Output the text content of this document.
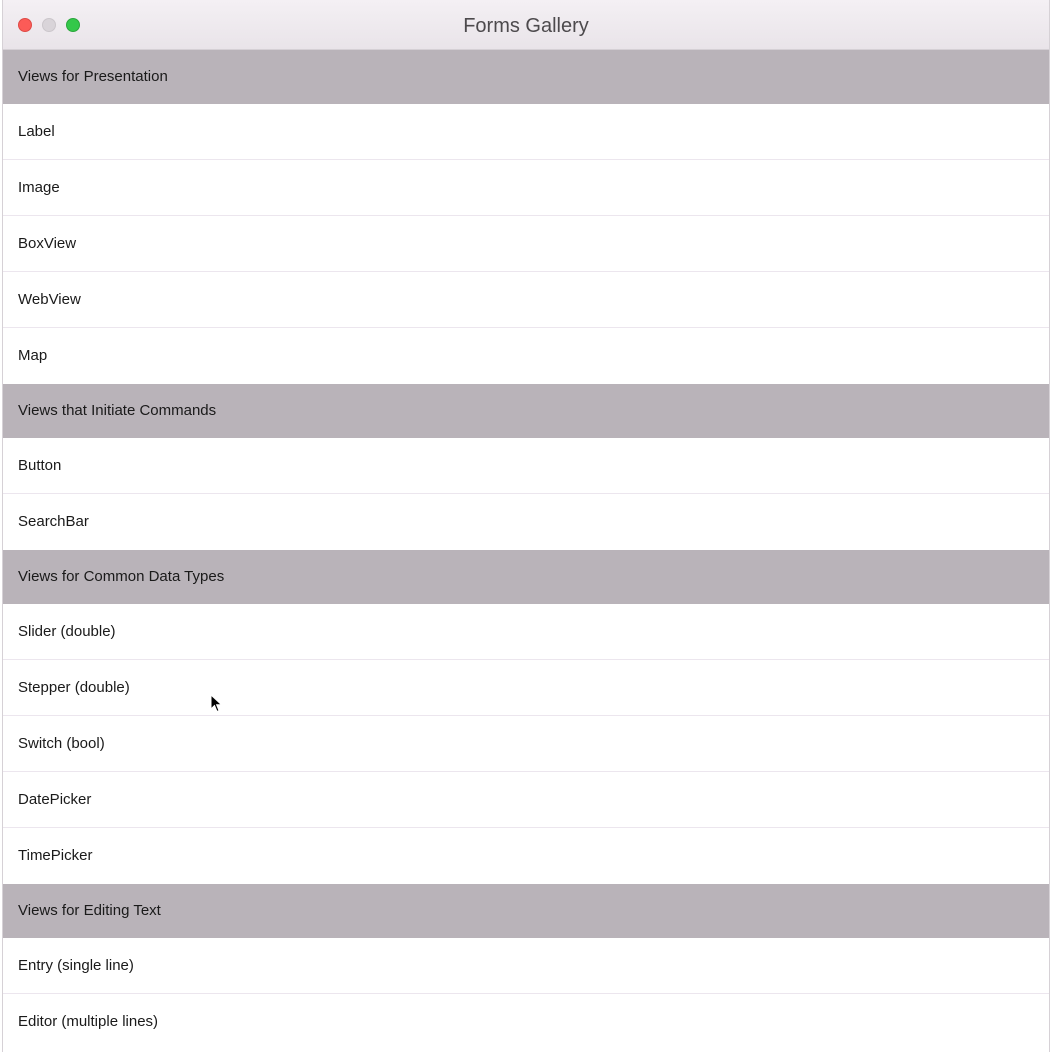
Forms Gallery
Views for Presentation
Label
Image
BoxView
WebView
Map
Views that Initiate Commands
Button
SearchBar
Views for Common Data Types
Slider (double)
Stepper (double)
Switch (bool)
DatePicker
TimePicker
Views for Editing Text
Entry (single line)
Editor (multiple lines)
